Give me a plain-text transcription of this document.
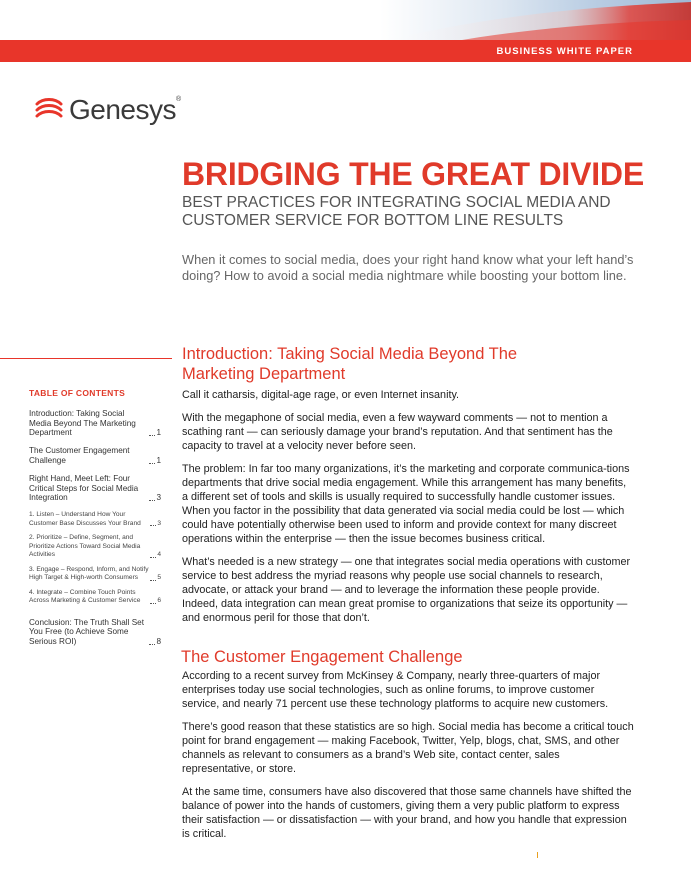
BUSINESS WHITE PAPER
Genesys®
BRIDGING THE GREAT DIVIDE
BEST PRACTICES FOR INTEGRATING SOCIAL MEDIA AND CUSTOMER SERVICE FOR BOTTOM LINE RESULTS
When it comes to social media, does your right hand know what your left hand’s doing? How to avoid a social media nightmare while boosting your bottom line.
TABLE OF CONTENTS
Introduction: Taking Social Media Beyond The Marketing Department	1
The Customer Engagement Challenge	1
Right Hand, Meet Left: Four Critical Steps for Social Media Integration	3
1. Listen – Understand How Your Customer Base Discusses Your Brand	3
2. Prioritize – Define, Segment, and Prioritize Actions Toward Social Media Activities	4
3. Engage – Respond, Inform, and Notify High Target & High-worth Consumers	5
4. Integrate – Combine Touch Points Across Marketing & Customer Service	6
Conclusion: The Truth Shall Set You Free (to Achieve Some Serious ROI)	8
Introduction: Taking Social Media Beyond The
Marketing Department

Call it catharsis, digital-age rage, or even Internet insanity.

With the megaphone of social media, even a few wayward comments — not to mention a scathing rant — can seriously damage your brand’s reputation. And that sentiment has the capacity to travel at a velocity never before seen.

The problem: In far too many organizations, it’s the marketing and corporate communica-tions departments that drive social media engagement. While this arrangement has many benefits, a different set of tools and skills is usually required to successfully handle customer issues. When you factor in the possibility that data generated via social media could be lost — which could have potentially otherwise been used to inform and provide context for many discreet operations within the enterprise — then the issue becomes business critical.

What’s needed is a new strategy — one that integrates social media operations with customer service to best address the myriad reasons why people use social channels to research, advocate, or attack your brand — and to leverage the information these people provide. Indeed, data integration can mean great promise to organizations that seize its opportunity — and enormous peril for those that don’t.

The Customer Engagement Challenge

According to a recent survey from McKinsey & Company, nearly three-quarters of major enterprises today use social technologies, such as online forums, to improve customer service, and nearly 71 percent use these technology platforms to acquire new customers.

There’s good reason that these statistics are so high. Social media has become a critical touch point for brand engagement — making Facebook, Twitter, Yelp, blogs, chat, SMS, and other channels as relevant to consumers as a brand’s Web site, contact center, sales representative, or store.

At the same time, consumers have also discovered that those same channels have shifted the balance of power into the hands of customers, giving them a very public platform to express their satisfaction — or dissatisfaction — with your brand, and how you handle that expression is critical.
